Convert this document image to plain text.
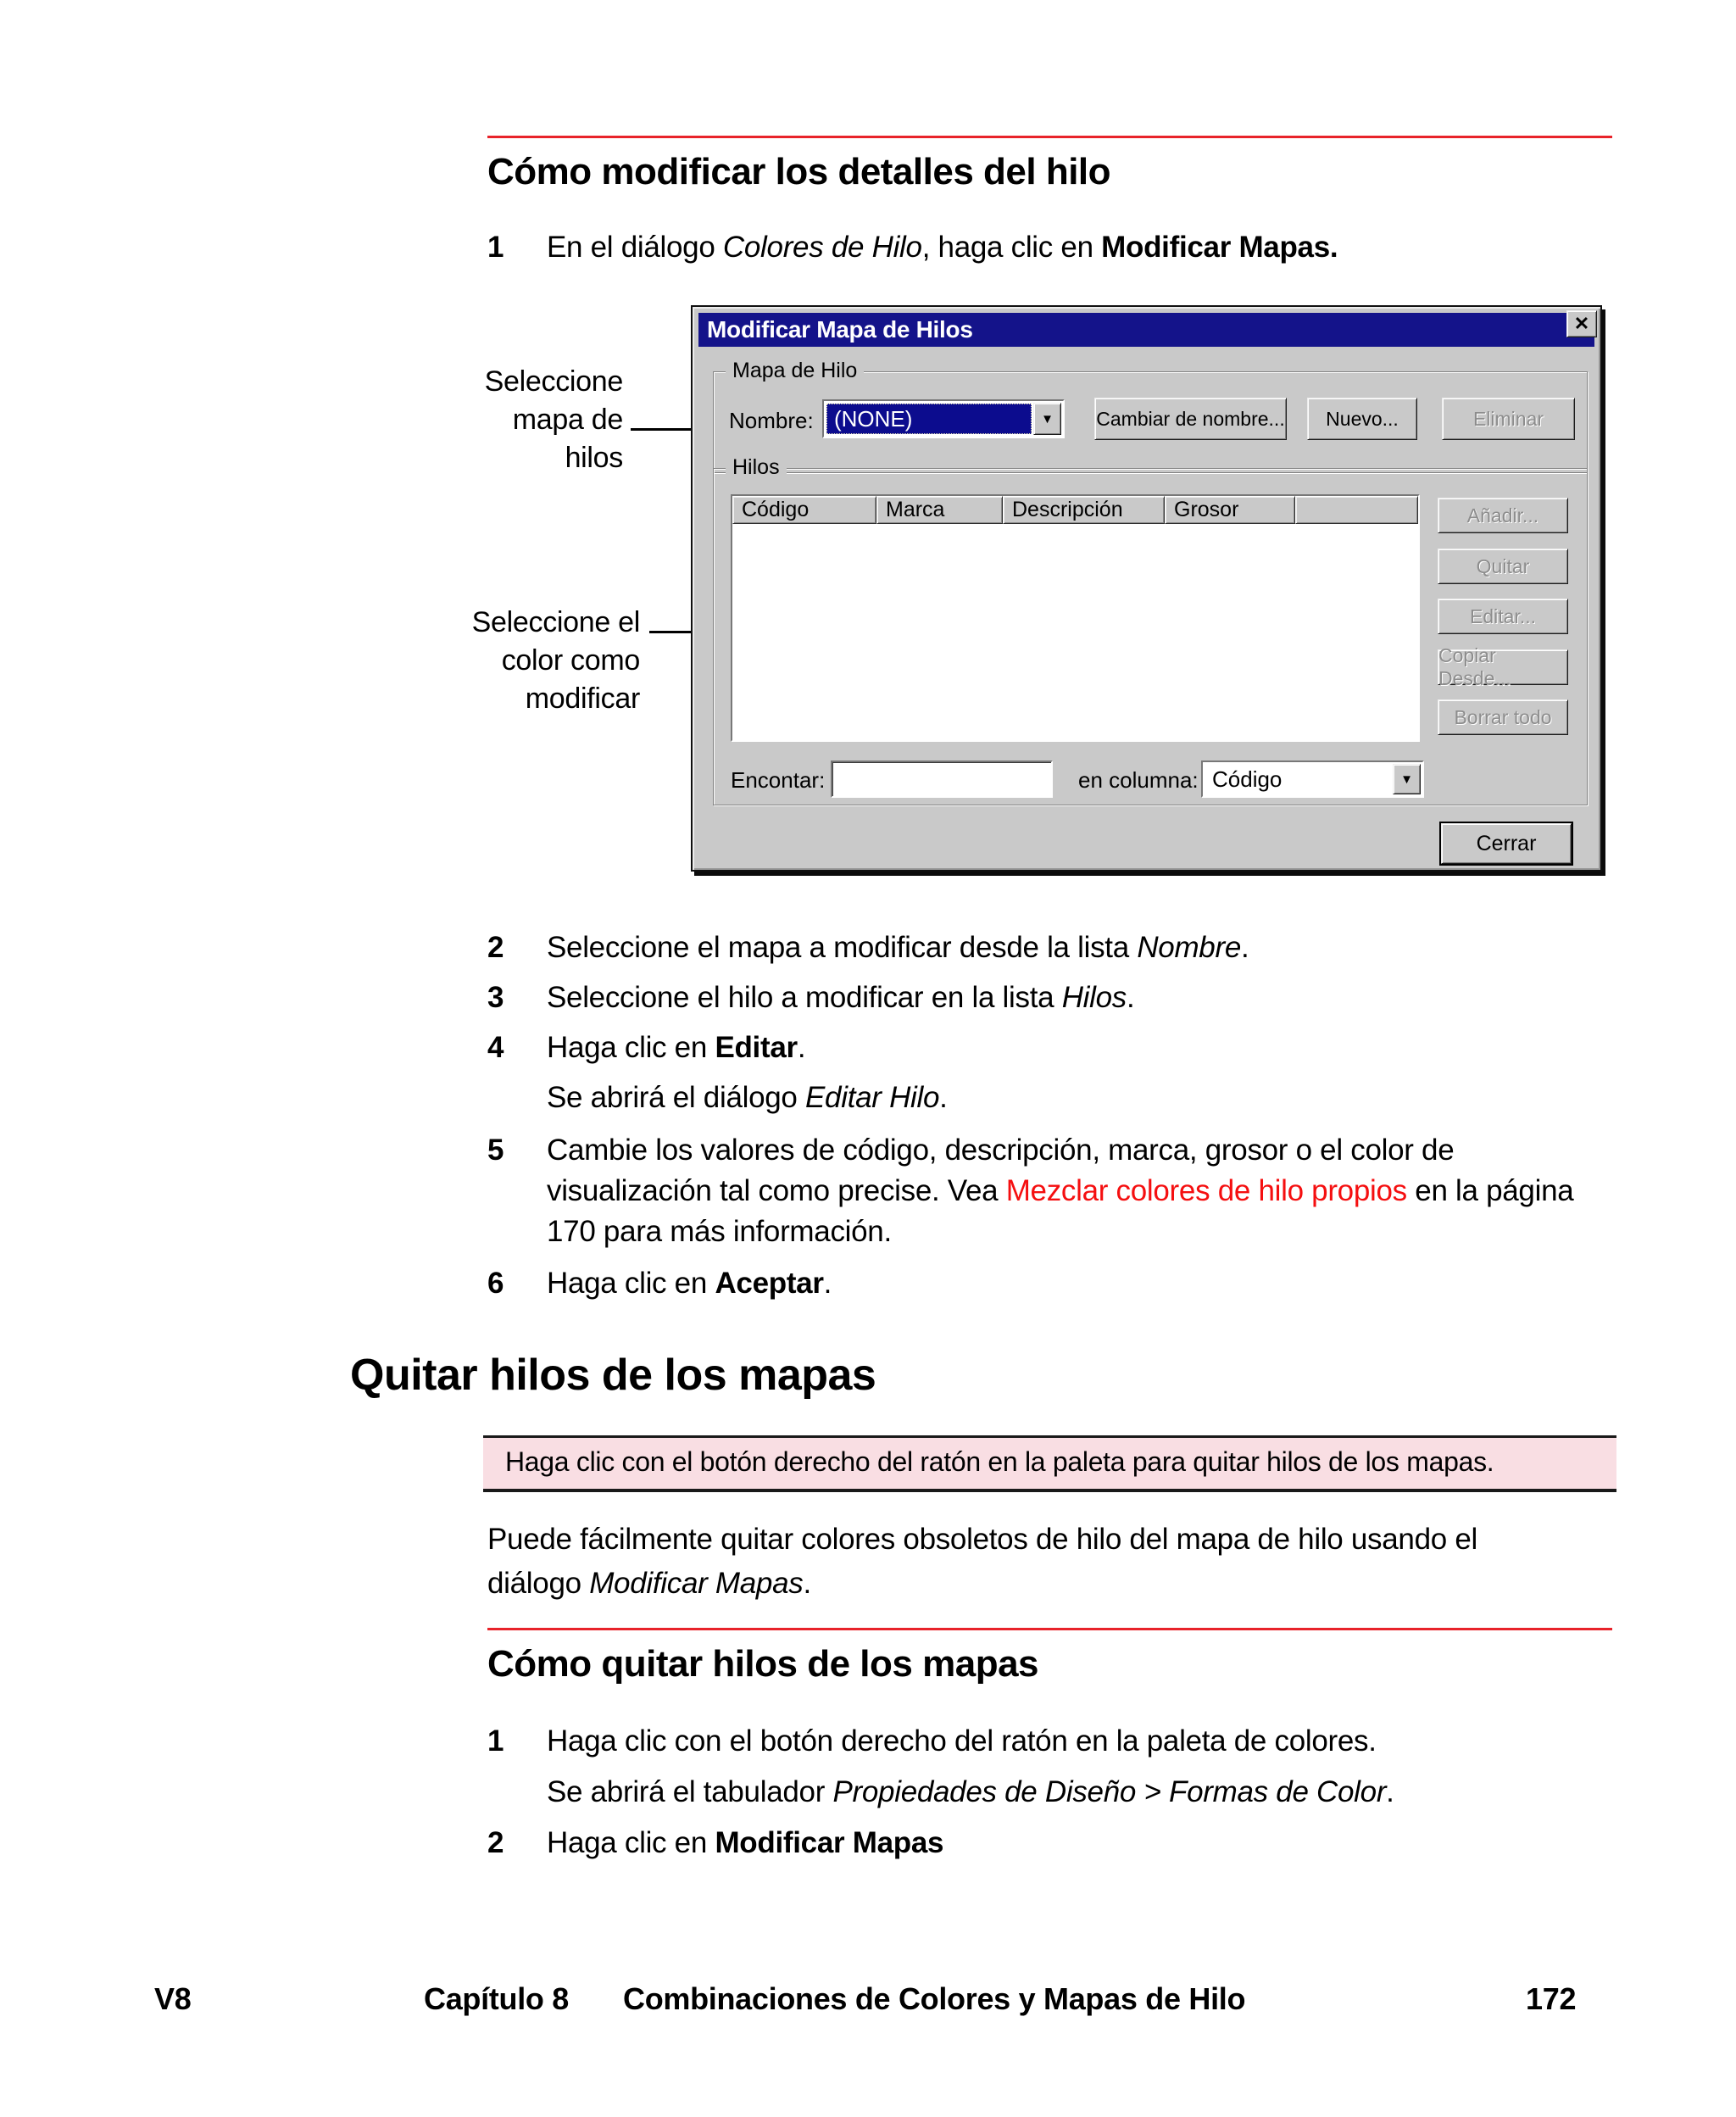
Cómo modificar los detalles del hilo
1 En el diálogo Colores de Hilo, haga clic en Modificar Mapas.
Seleccione
mapa de
hilos
Seleccione el
color como
modificar
Modificar Mapa de Hilos	✕
Mapa de Hilo
Nombre: (NONE)	▼ Cambiar de nombre...	Nuevo...	Eliminar
Hilos
Código	Marca	Descripción	Grosor	Añadir...
Quitar
Editar...
Copiar Desde...
Borrar todo
Encontar:	en columna: Código	▼
Cerrar
2 Seleccione el mapa a modificar desde la lista Nombre.
3 Seleccione el hilo a modificar en la lista Hilos.
4 Haga clic en Editar.
Se abrirá el diálogo Editar Hilo.
5 Cambie los valores de código, descripción, marca, grosor o el color de visualización tal como precise. Vea Mezclar colores de hilo propios en la página 170 para más información.
6 Haga clic en Aceptar.
Quitar hilos de los mapas
Haga clic con el botón derecho del ratón en la paleta para quitar hilos de los mapas.
Puede fácilmente quitar colores obsoletos de hilo del mapa de hilo usando el diálogo Modificar Mapas.
Cómo quitar hilos de los mapas
1 Haga clic con el botón derecho del ratón en la paleta de colores.
Se abrirá el tabulador Propiedades de Diseño > Formas de Color.
2 Haga clic en Modificar Mapas
V8	Capítulo 8 Combinaciones de Colores y Mapas de Hilo	172
